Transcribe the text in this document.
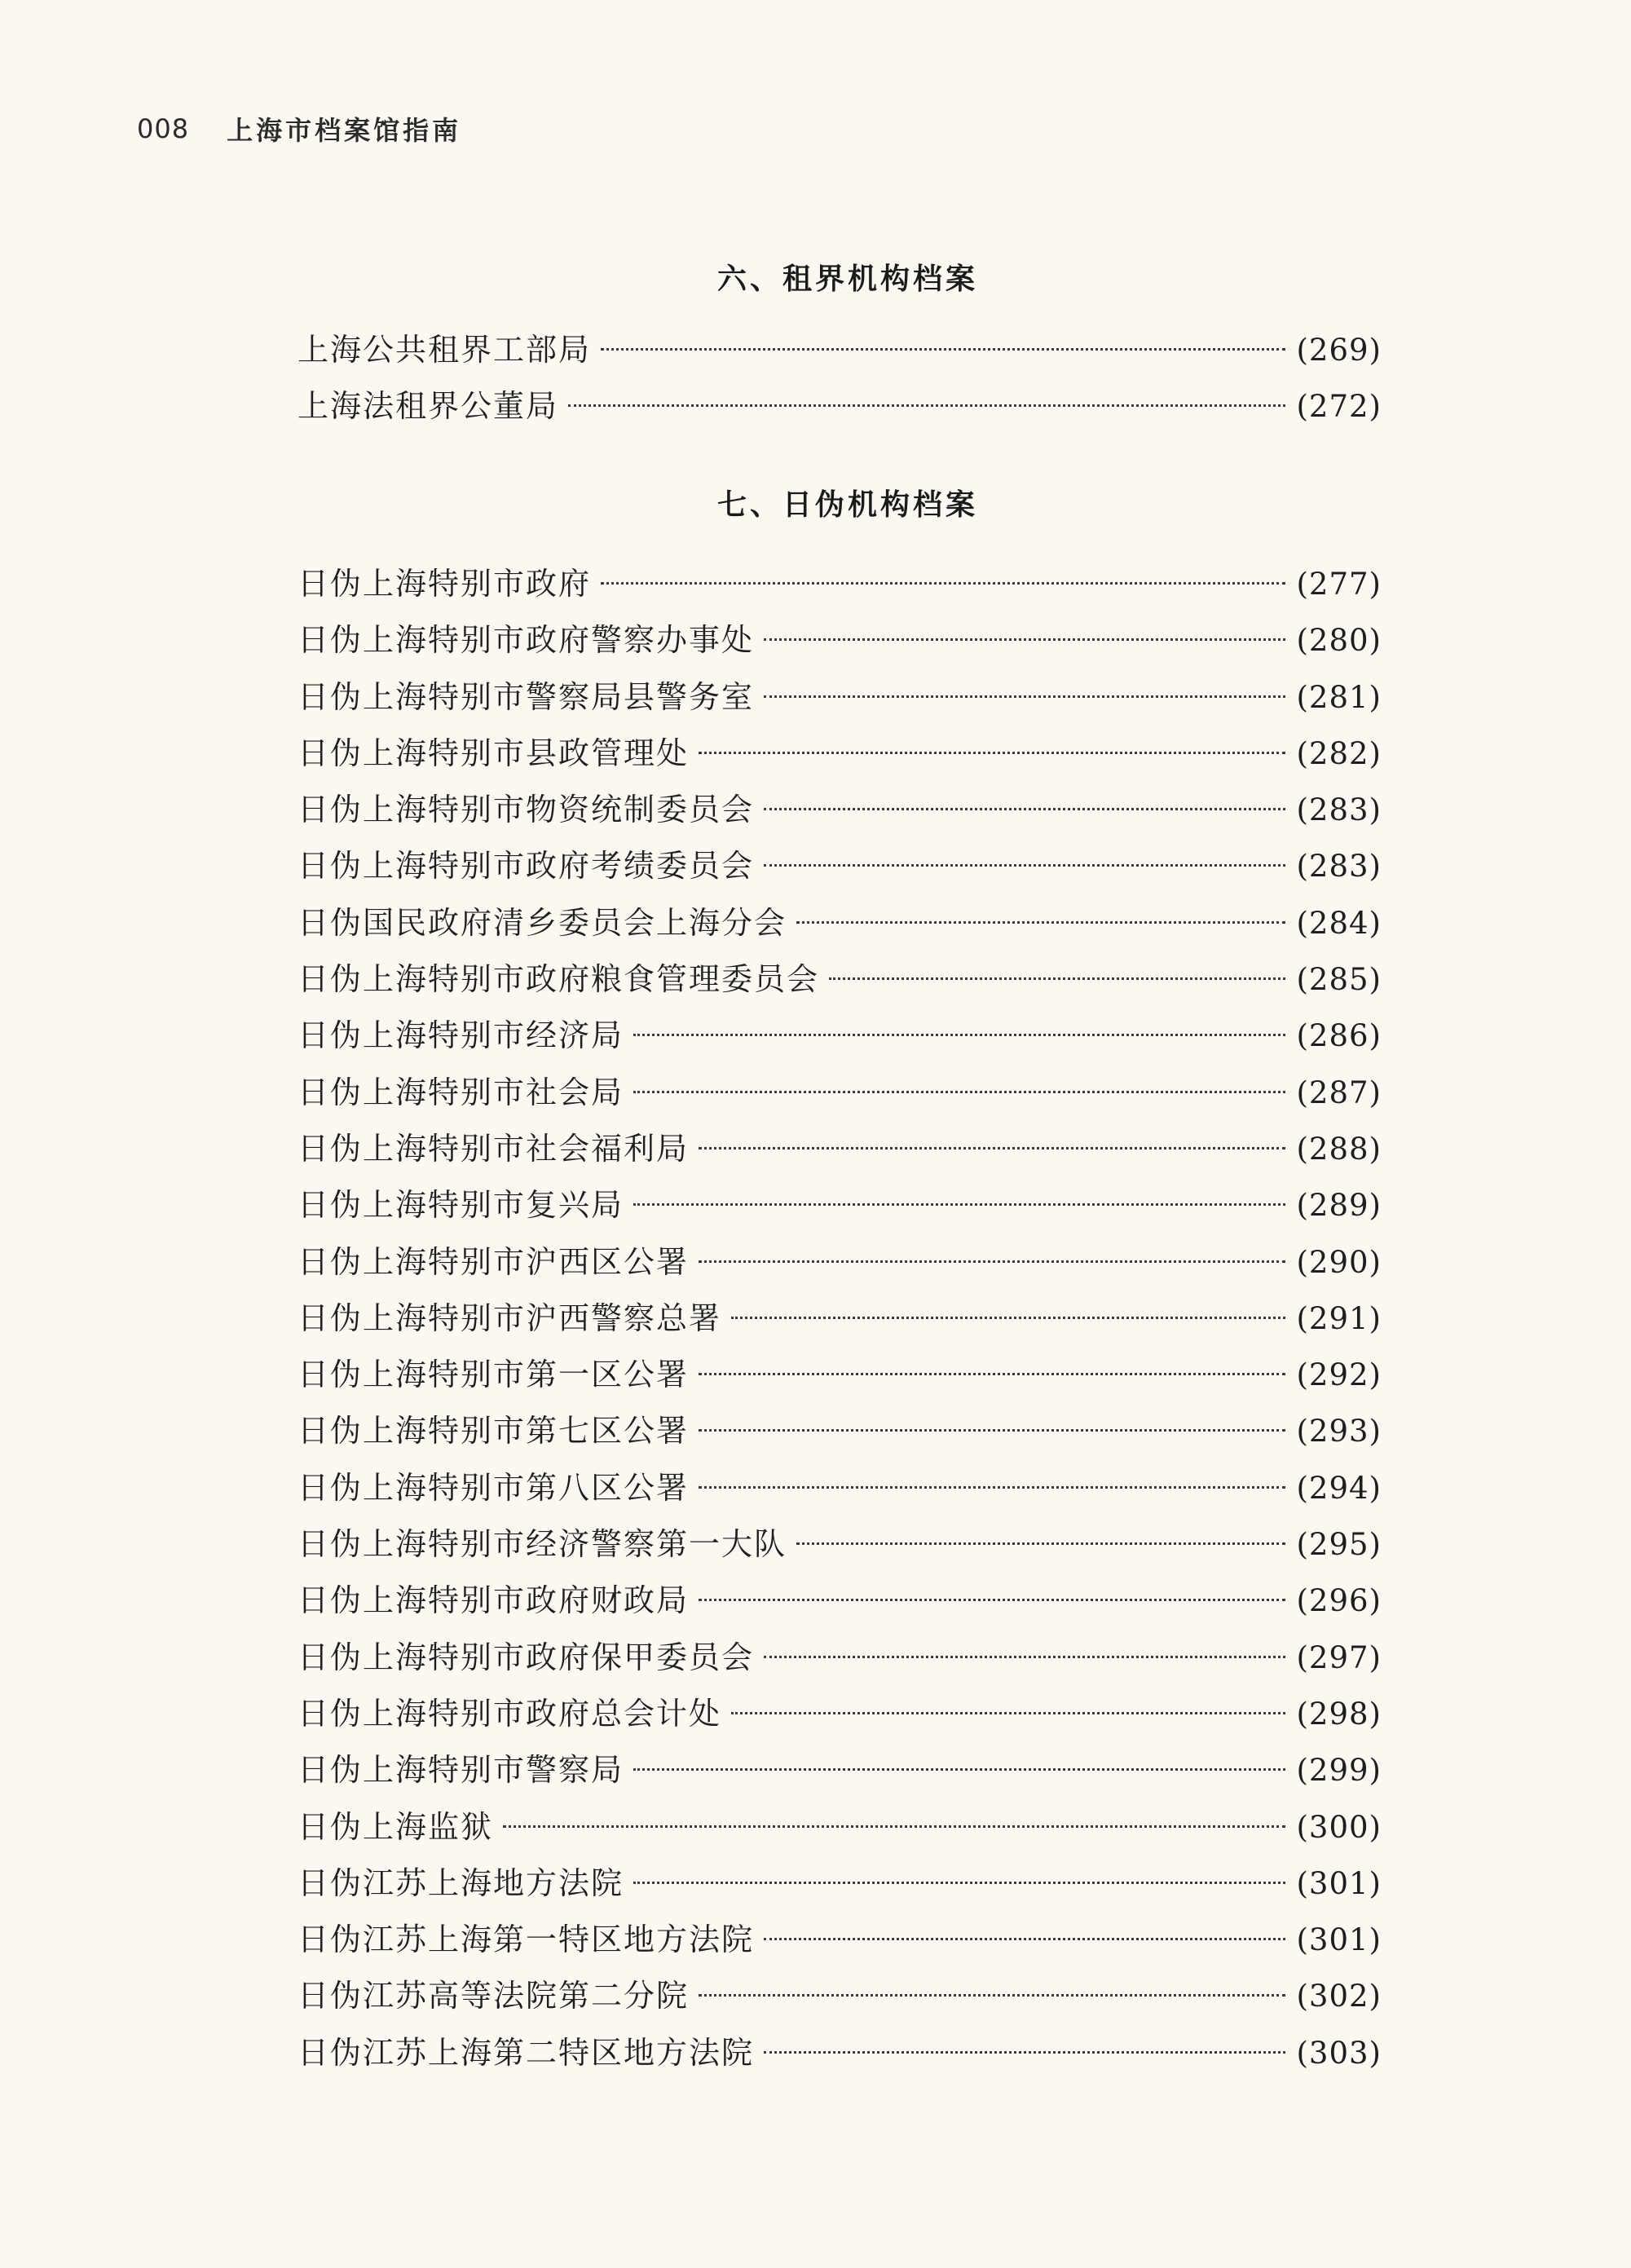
008 上海市档案馆指南
六、租界机构档案
上海公共租界工部局	(269)
上海法租界公董局	(272)
七、日伪机构档案
日伪上海特别市政府	(277)
日伪上海特别市政府警察办事处	(280)
日伪上海特别市警察局县警务室	(281)
日伪上海特别市县政管理处	(282)
日伪上海特别市物资统制委员会	(283)
日伪上海特别市政府考绩委员会	(283)
日伪国民政府清乡委员会上海分会	(284)
日伪上海特别市政府粮食管理委员会	(285)
日伪上海特别市经济局	(286)
日伪上海特别市社会局	(287)
日伪上海特别市社会福利局	(288)
日伪上海特别市复兴局	(289)
日伪上海特别市沪西区公署	(290)
日伪上海特别市沪西警察总署	(291)
日伪上海特别市第一区公署	(292)
日伪上海特别市第七区公署	(293)
日伪上海特别市第八区公署	(294)
日伪上海特别市经济警察第一大队	(295)
日伪上海特别市政府财政局	(296)
日伪上海特别市政府保甲委员会	(297)
日伪上海特别市政府总会计处	(298)
日伪上海特别市警察局	(299)
日伪上海监狱	(300)
日伪江苏上海地方法院	(301)
日伪江苏上海第一特区地方法院	(301)
日伪江苏高等法院第二分院	(302)
日伪江苏上海第二特区地方法院	(303)
